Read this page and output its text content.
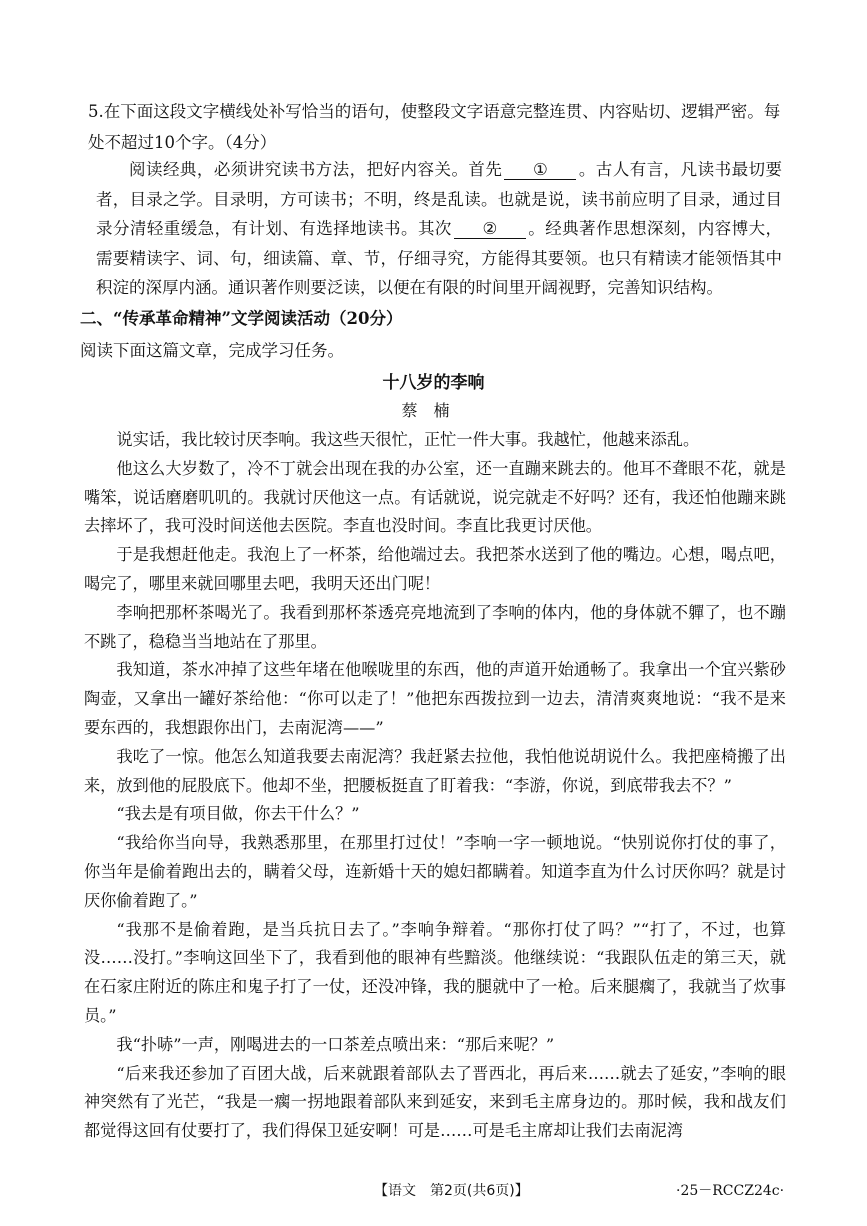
5.在下面这段文字横线处补写恰当的语句，使整段文字语意完整连贯、内容贴切、逻辑严密。每处不超过10个字。（4分）
阅读经典，必须讲究读书方法，把好内容关。首先 ① 。古人有言，凡读书最切要者，目录之学。目录明，方可读书；不明，终是乱读。也就是说，读书前应明了目录，通过目录分清轻重缓急，有计划、有选择地读书。其次 ② 。经典著作思想深刻，内容博大，需要精读字、词、句，细读篇、章、节，仔细寻究，方能得其要领。也只有精读才能领悟其中积淀的深厚内涵。通识著作则要泛读，以便在有限的时间里开阔视野，完善知识结构。
二、“传承革命精神”文学阅读活动（20分）
阅读下面这篇文章，完成学习任务。
十八岁的李响
蔡楠

说实话，我比较讨厌李响。我这些天很忙，正忙一件大事。我越忙，他越来添乱。

他这么大岁数了，冷不丁就会出现在我的办公室，还一直蹦来跳去的。他耳不聋眼不花，就是嘴笨，说话磨磨叽叽的。我就讨厌他这一点。有话就说，说完就走不好吗？还有，我还怕他蹦来跳去摔坏了，我可没时间送他去医院。李直也没时间。李直比我更讨厌他。

于是我想赶他走。我泡上了一杯茶，给他端过去。我把茶水送到了他的嘴边。心想，喝点吧，喝完了，哪里来就回哪里去吧，我明天还出门呢！

李响把那杯茶喝光了。我看到那杯茶透亮亮地流到了李响的体内，他的身体就不軃了，也不蹦不跳了，稳稳当当地站在了那里。

我知道，茶水冲掉了这些年堵在他喉咙里的东西，他的声道开始通畅了。我拿出一个宜兴紫砂陶壶，又拿出一罐好茶给他：“你可以走了！”他把东西拨拉到一边去，清清爽爽地说：“我不是来要东西的，我想跟你出门，去南泥湾——”

我吃了一惊。他怎么知道我要去南泥湾？我赶紧去拉他，我怕他说胡说什么。我把座椅搬了出来，放到他的屁股底下。他却不坐，把腰板挺直了盯着我：“李游，你说，到底带我去不？”

“我去是有项目做，你去干什么？”

“我给你当向导，我熟悉那里，在那里打过仗！”李响一字一顿地说。“快别说你打仗的事了，你当年是偷着跑出去的，瞒着父母，连新婚十天的媳妇都瞒着。知道李直为什么讨厌你吗？就是讨厌你偷着跑了。”

“我那不是偷着跑，是当兵抗日去了。”李响争辩着。“那你打仗了吗？”“打了，不过，也算没……没打。”李响这回坐下了，我看到他的眼神有些黯淡。他继续说：“我跟队伍走的第三天，就在石家庄附近的陈庄和鬼子打了一仗，还没冲锋，我的腿就中了一枪。后来腿瘸了，我就当了炊事员。”

我“扑哧”一声，刚喝进去的一口茶差点喷出来：“那后来呢？”

“后来我还参加了百团大战，后来就跟着部队去了晋西北，再后来……就去了延安，”李响的眼神突然有了光芒，“我是一瘸一拐地跟着部队来到延安，来到毛主席身边的。那时候，我和战友们都觉得这回有仗要打了，我们得保卫延安啊！可是……可是毛主席却让我们去南泥湾

【语文　第2页(共6页)】	·25－RCCZ24c·
